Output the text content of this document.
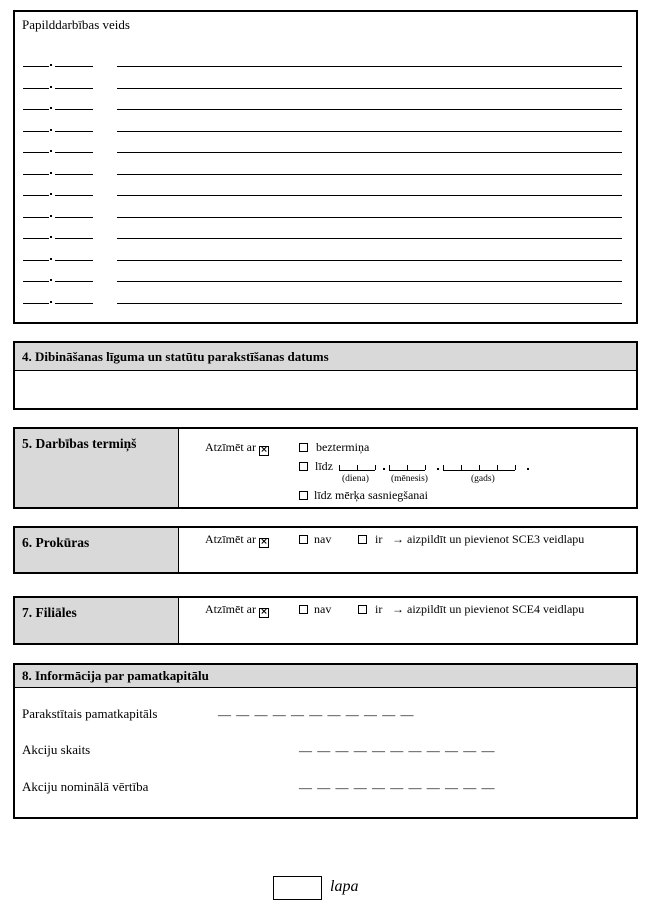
Papilddarbības veids
4. Dibināšanas līguma un statūtu parakstīšanas datums
5. Darbības termiņš	Atzīmēt ar ×	beztermiņa
līdz
(diena) (mēnesis)	(gads)
līdz mērķa sasniegšanai
6. Prokūras	Atzīmēt ar ×	nav	ir → aizpildīt un pievienot SCE3 veidlapu
7. Filiāles	Atzīmēt ar ×	nav	ir → aizpildīt un pievienot SCE4 veidlapu
8. Informācija par pamatkapitālu
Parakstītais pamatkapitāls	— — — — — — — — — — —
Akciju skaits	— — — — — — — — — — —
Akciju nominālā vērtība	— — — — — — — — — — —
lapa
